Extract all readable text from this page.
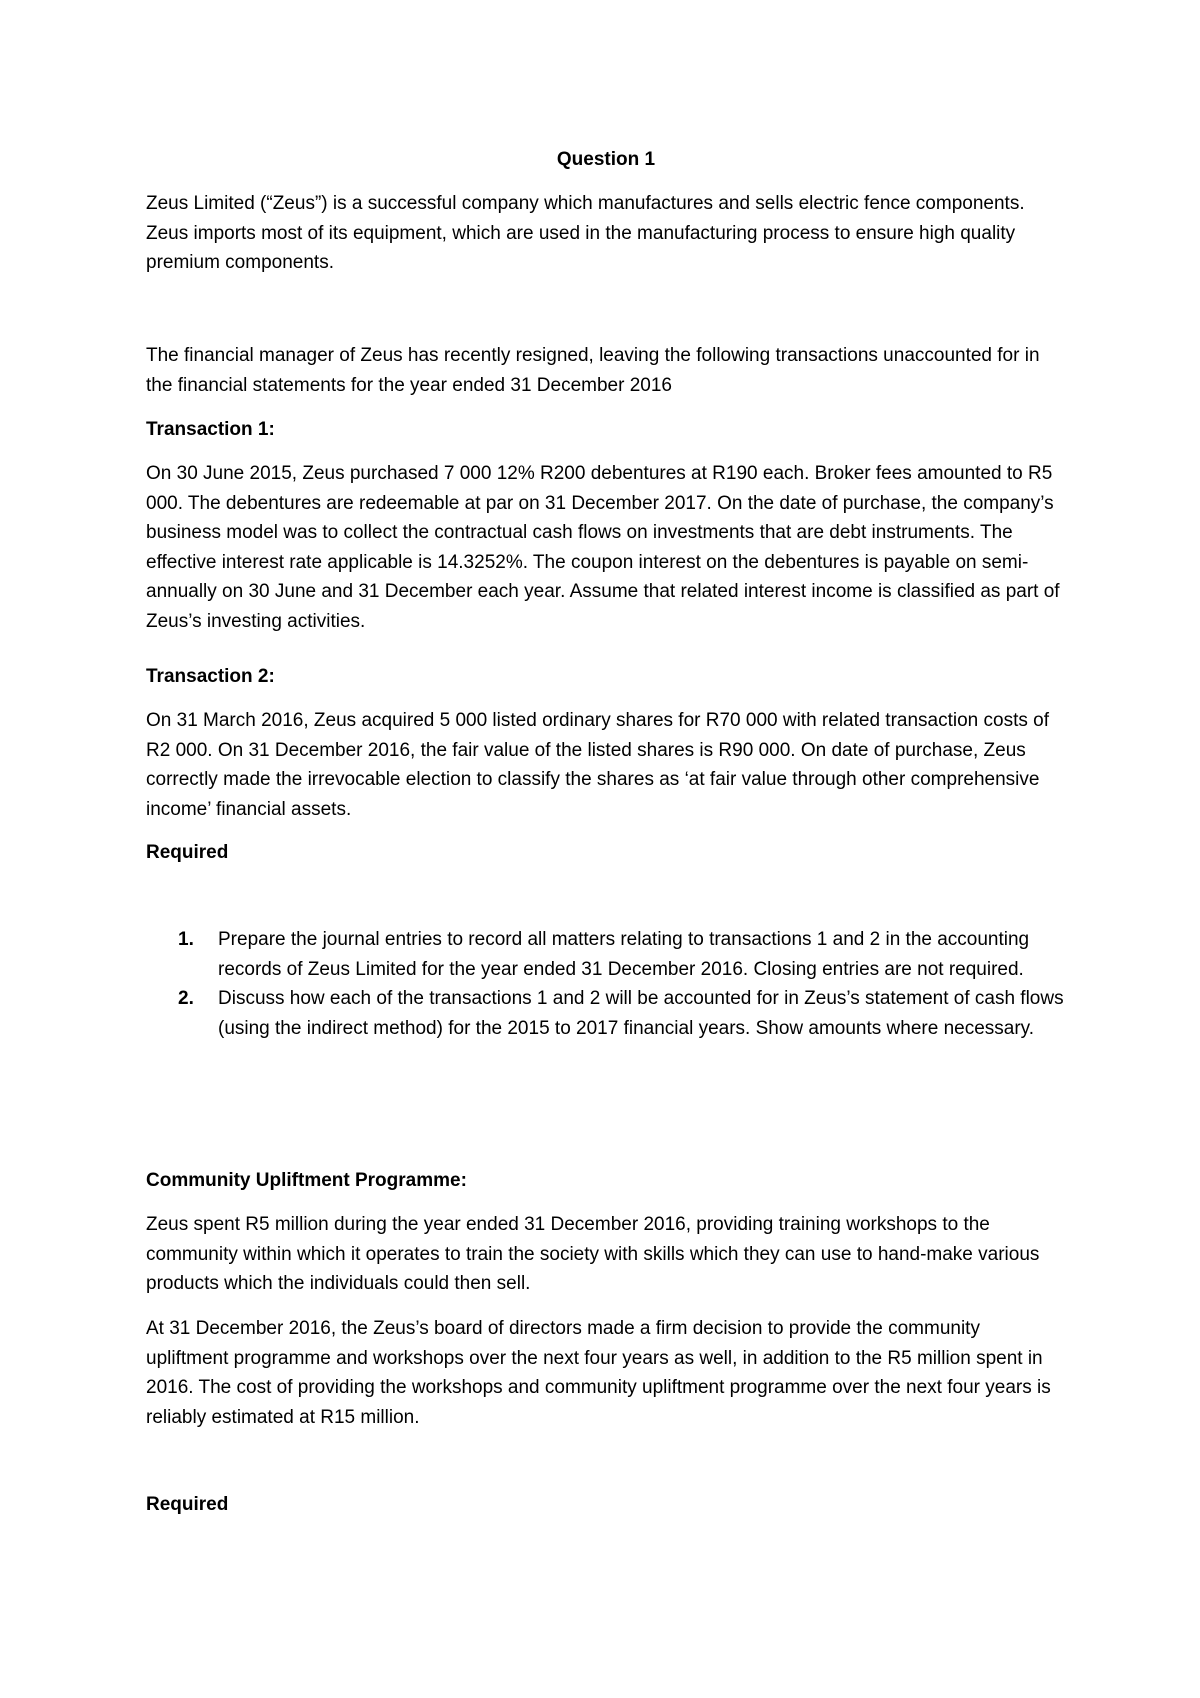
Question 1

Zeus Limited (“Zeus”) is a successful company which manufactures and sells electric fence components. Zeus imports most of its equipment, which are used in the manufacturing process to ensure high quality premium components.

The financial manager of Zeus has recently resigned, leaving the following transactions unaccounted for in the financial statements for the year ended 31 December 2016

Transaction 1:

On 30 June 2015, Zeus purchased 7 000 12% R200 debentures at R190 each. Broker fees amounted to R5 000. The debentures are redeemable at par on 31 December 2017. On the date of purchase, the company’s business model was to collect the contractual cash flows on investments that are debt instruments. The effective interest rate applicable is 14.3252%. The coupon interest on the debentures is payable on semi-annually on 30 June and 31 December each year. Assume that related interest income is classified as part of Zeus’s investing activities.

Transaction 2:

On 31 March 2016, Zeus acquired 5 000 listed ordinary shares for R70 000 with related transaction costs of R2 000. On 31 December 2016, the fair value of the listed shares is R90 000. On date of purchase, Zeus correctly made the irrevocable election to classify the shares as ‘at fair value through other comprehensive income’ financial assets.

Required

1. Prepare the journal entries to record all matters relating to transactions 1 and 2 in the accounting records of Zeus Limited for the year ended 31 December 2016. Closing entries are not required.
2. Discuss how each of the transactions 1 and 2 will be accounted for in Zeus’s statement of cash flows (using the indirect method) for the 2015 to 2017 financial years. Show amounts where necessary.

Community Upliftment Programme:

Zeus spent R5 million during the year ended 31 December 2016, providing training workshops to the community within which it operates to train the society with skills which they can use to hand-make various products which the individuals could then sell.

At 31 December 2016, the Zeus’s board of directors made a firm decision to provide the community upliftment programme and workshops over the next four years as well, in addition to the R5 million spent in 2016. The cost of providing the workshops and community upliftment programme over the next four years is reliably estimated at R15 million.

Required
